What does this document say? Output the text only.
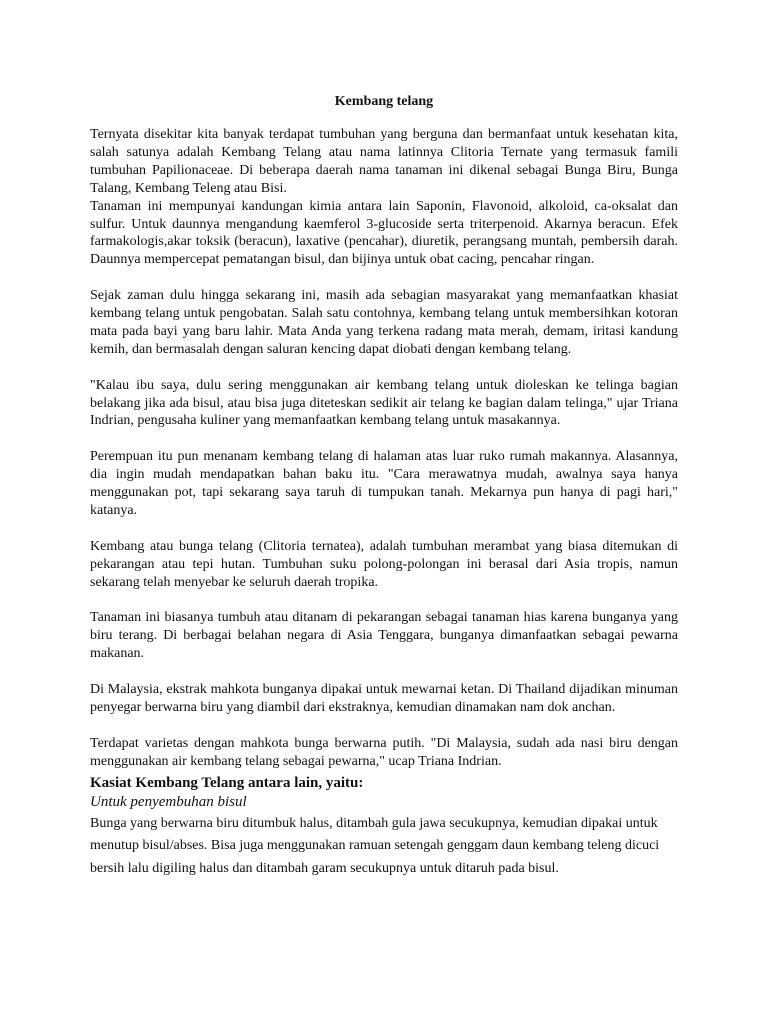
Kembang telang

Ternyata disekitar kita banyak terdapat tumbuhan yang berguna dan bermanfaat untuk kesehatan kita, salah satunya adalah Kembang Telang atau nama latinnya Clitoria Ternate yang termasuk famili tumbuhan Papilionaceae. Di beberapa daerah nama tanaman ini dikenal sebagai Bunga Biru, Bunga Talang, Kembang Teleng atau Bisi.

Tanaman ini mempunyai kandungan kimia antara lain Saponin, Flavonoid, alkoloid, ca-oksalat dan sulfur. Untuk daunnya mengandung kaemferol 3-glucoside serta triterpenoid. Akarnya beracun. Efek farmakologis,akar toksik (beracun), laxative (pencahar), diuretik, perangsang muntah, pembersih darah. Daunnya mempercepat pematangan bisul, dan bijinya untuk obat cacing, pencahar ringan.

Sejak zaman dulu hingga sekarang ini, masih ada sebagian masyarakat yang memanfaatkan khasiat kembang telang untuk pengobatan. Salah satu contohnya, kembang telang untuk membersihkan kotoran mata pada bayi yang baru lahir. Mata Anda yang terkena radang mata merah, demam, iritasi kandung kemih, dan bermasalah dengan saluran kencing dapat diobati dengan kembang telang.

"Kalau ibu saya, dulu sering menggunakan air kembang telang untuk dioleskan ke telinga bagian belakang jika ada bisul, atau bisa juga diteteskan sedikit air telang ke bagian dalam telinga," ujar Triana Indrian, pengusaha kuliner yang memanfaatkan kembang telang untuk masakannya.

Perempuan itu pun menanam kembang telang di halaman atas luar ruko rumah makannya. Alasannya, dia ingin mudah mendapatkan bahan baku itu. "Cara merawatnya mudah, awalnya saya hanya menggunakan pot, tapi sekarang saya taruh di tumpukan tanah. Mekarnya pun hanya di pagi hari," katanya.

Kembang atau bunga telang (Clitoria ternatea), adalah tumbuhan merambat yang biasa ditemukan di pekarangan atau tepi hutan. Tumbuhan suku polong-polongan ini berasal dari Asia tropis, namun sekarang telah menyebar ke seluruh daerah tropika.

Tanaman ini biasanya tumbuh atau ditanam di pekarangan sebagai tanaman hias karena bunganya yang biru terang. Di berbagai belahan negara di Asia Tenggara, bunganya dimanfaatkan sebagai pewarna makanan.

Di Malaysia, ekstrak mahkota bunganya dipakai untuk mewarnai ketan. Di Thailand dijadikan minuman penyegar berwarna biru yang diambil dari ekstraknya, kemudian dinamakan nam dok anchan.

Terdapat varietas dengan mahkota bunga berwarna putih. "Di Malaysia, sudah ada nasi biru dengan menggunakan air kembang telang sebagai pewarna," ucap Triana Indrian.

Kasiat Kembang Telang antara lain, yaitu:

Untuk penyembuhan bisul

Bunga yang berwarna biru ditumbuk halus, ditambah gula jawa secukupnya, kemudian dipakai untuk menutup bisul/abses. Bisa juga menggunakan ramuan setengah genggam daun kembang teleng dicuci bersih lalu digiling halus dan ditambah garam secukupnya untuk ditaruh pada bisul.
